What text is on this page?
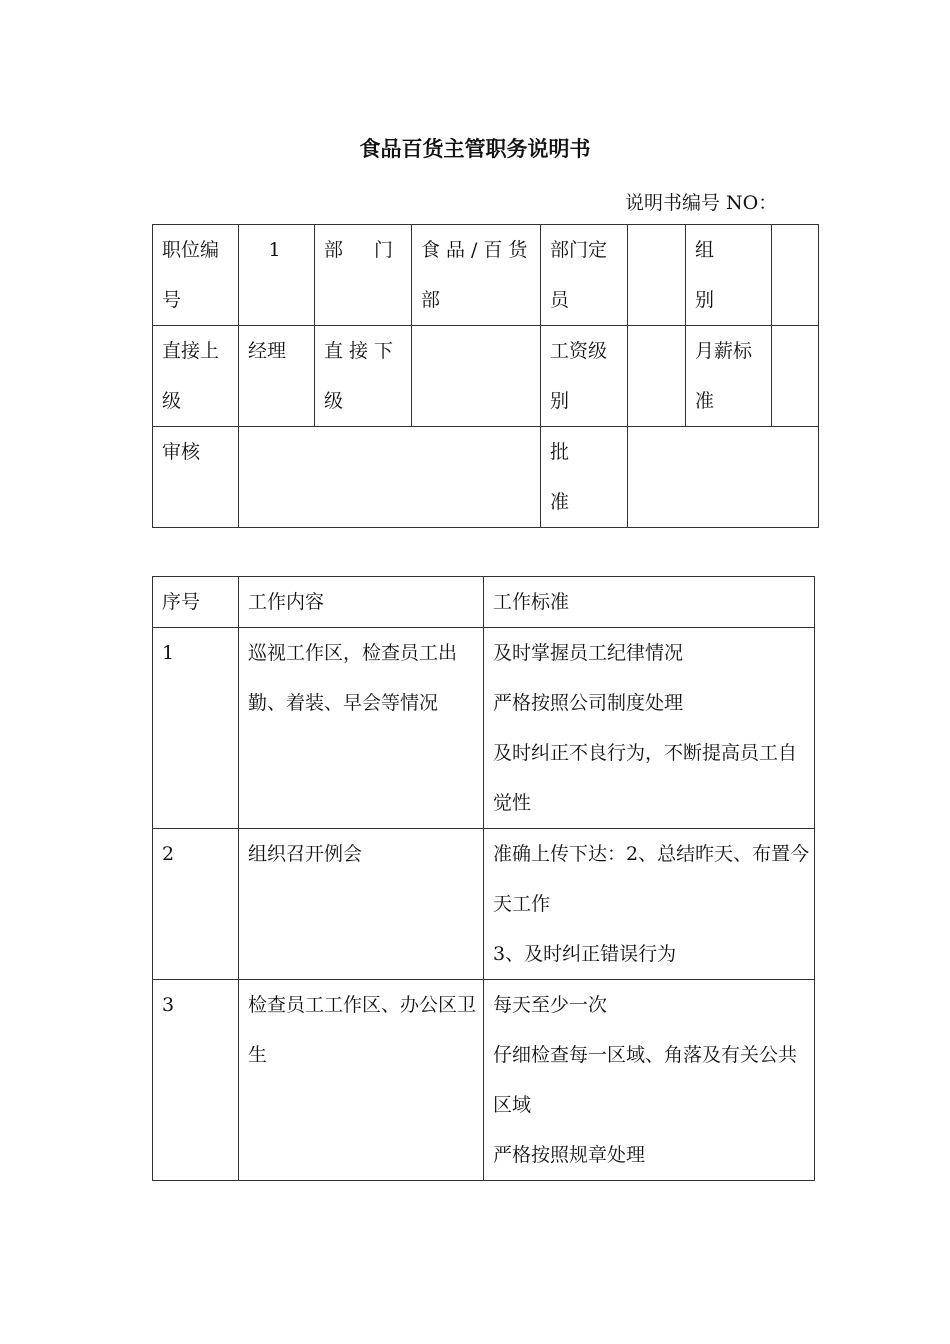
食品百货主管职务说明书
说明书编号 NO：
职位编号	1	部　门	食品/百货部	部门定员		组　别	
直接上级	经理	直接下级		工资级别		月薪标准	
审核				批准			

序号	工作内容	工作标准
1	巡视工作区，检查员工出勤、着装、早会等情况	及时掌握员工纪律情况
严格按照公司制度处理
及时纠正不良行为，不断提高员工自觉性

2	组织召开例会	准确上传下达：2、总结昨天、布置今天工作
3、及时纠正错误行为

3	检查员工工作区、办公区卫生	每天至少一次
仔细检查每一区域、角落及有关公共区域
严格按照规章处理
